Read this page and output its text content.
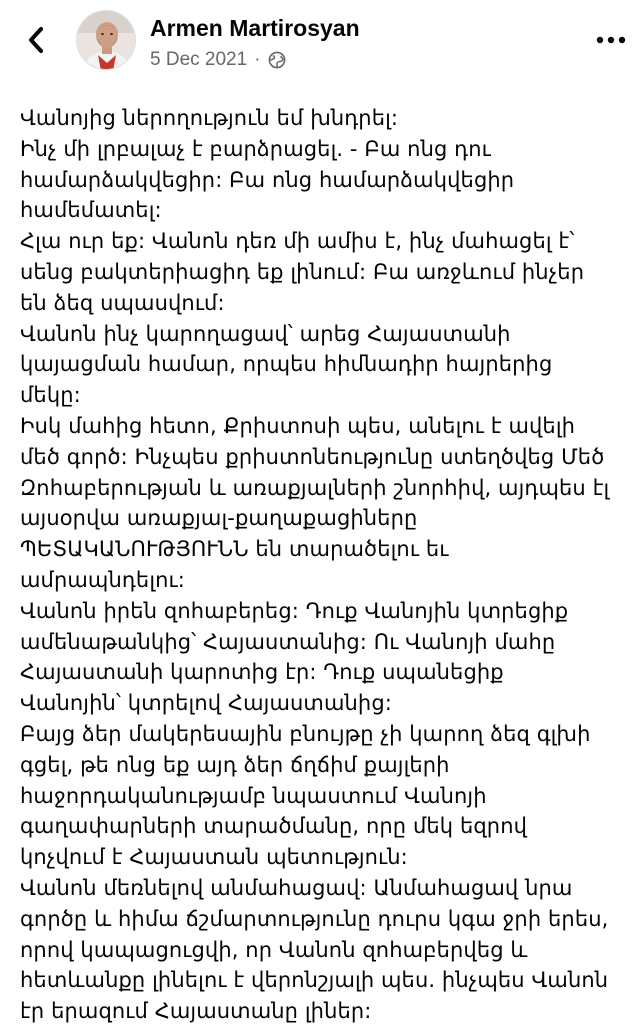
Armen Martirosyan
5 Dec 2021 ·
Վանոյից ներողություն եմ խնդրել:
Ինչ մի լրբալաչ է բարձրացել. - Բա ոնց դու
համարձակվեցիր: Բա ոնց համարձակվեցիր
համեմատել:
Հլա ուր եք: Վանոն դեռ մի ամիս է, ինչ մահացել է՝
սենց բակտերիացիդ եք լինում: Բա առջևում ինչեր
են ձեզ սպասվում:
Վանոն ինչ կարողացավ՝ արեց Հայաստանի
կայացման համար, որպես հիմնադիր հայրերից
մեկը:
Իսկ մահից հետո, Քրիստոսի պես, անելու է ավելի
մեծ գործ: Ինչպես քրիստոնեությունը ստեղծվեց Մեծ
Զոհաբերության և առաքյալների շնորհիվ, այդպես էլ
այսօրվա առաքյալ-քաղաքացիները
ՊԵՏԱԿԱՆՈՒԹՅՈՒՆՆ են տարածելու եւ
ամրապնդելու:
Վանոն իրեն զոհաբերեց: Դուք Վանոյին կտրեցիք
ամենաթանկից՝ Հայաստանից: Ու Վանոյի մահը
Հայաստանի կարոտից էր: Դուք սպանեցիք
Վանոյին՝ կտրելով Հայաստանից:
Բայց ձեր մակերեսային բնույթը չի կարող ձեզ գլխի
գցել, թե ոնց եք այդ ձեր ճղճիմ քայլերի
հաջորդականությամբ նպաստում Վանոյի
գաղափարների տարածմանը, որը մեկ եզրով
կոչվում է Հայաստան պետություն:
Վանոն մեռնելով անմահացավ: Անմահացավ նրա
գործը և հիմա ճշմարտությունը դուրս կգա ջրի երես,
որով կապացուցվի, որ Վանոն զոհաբերվեց և
հետևանքը լինելու է վերոնշյալի պես. ինչպես Վանոն
էր երազում Հայաստանը լիներ:
